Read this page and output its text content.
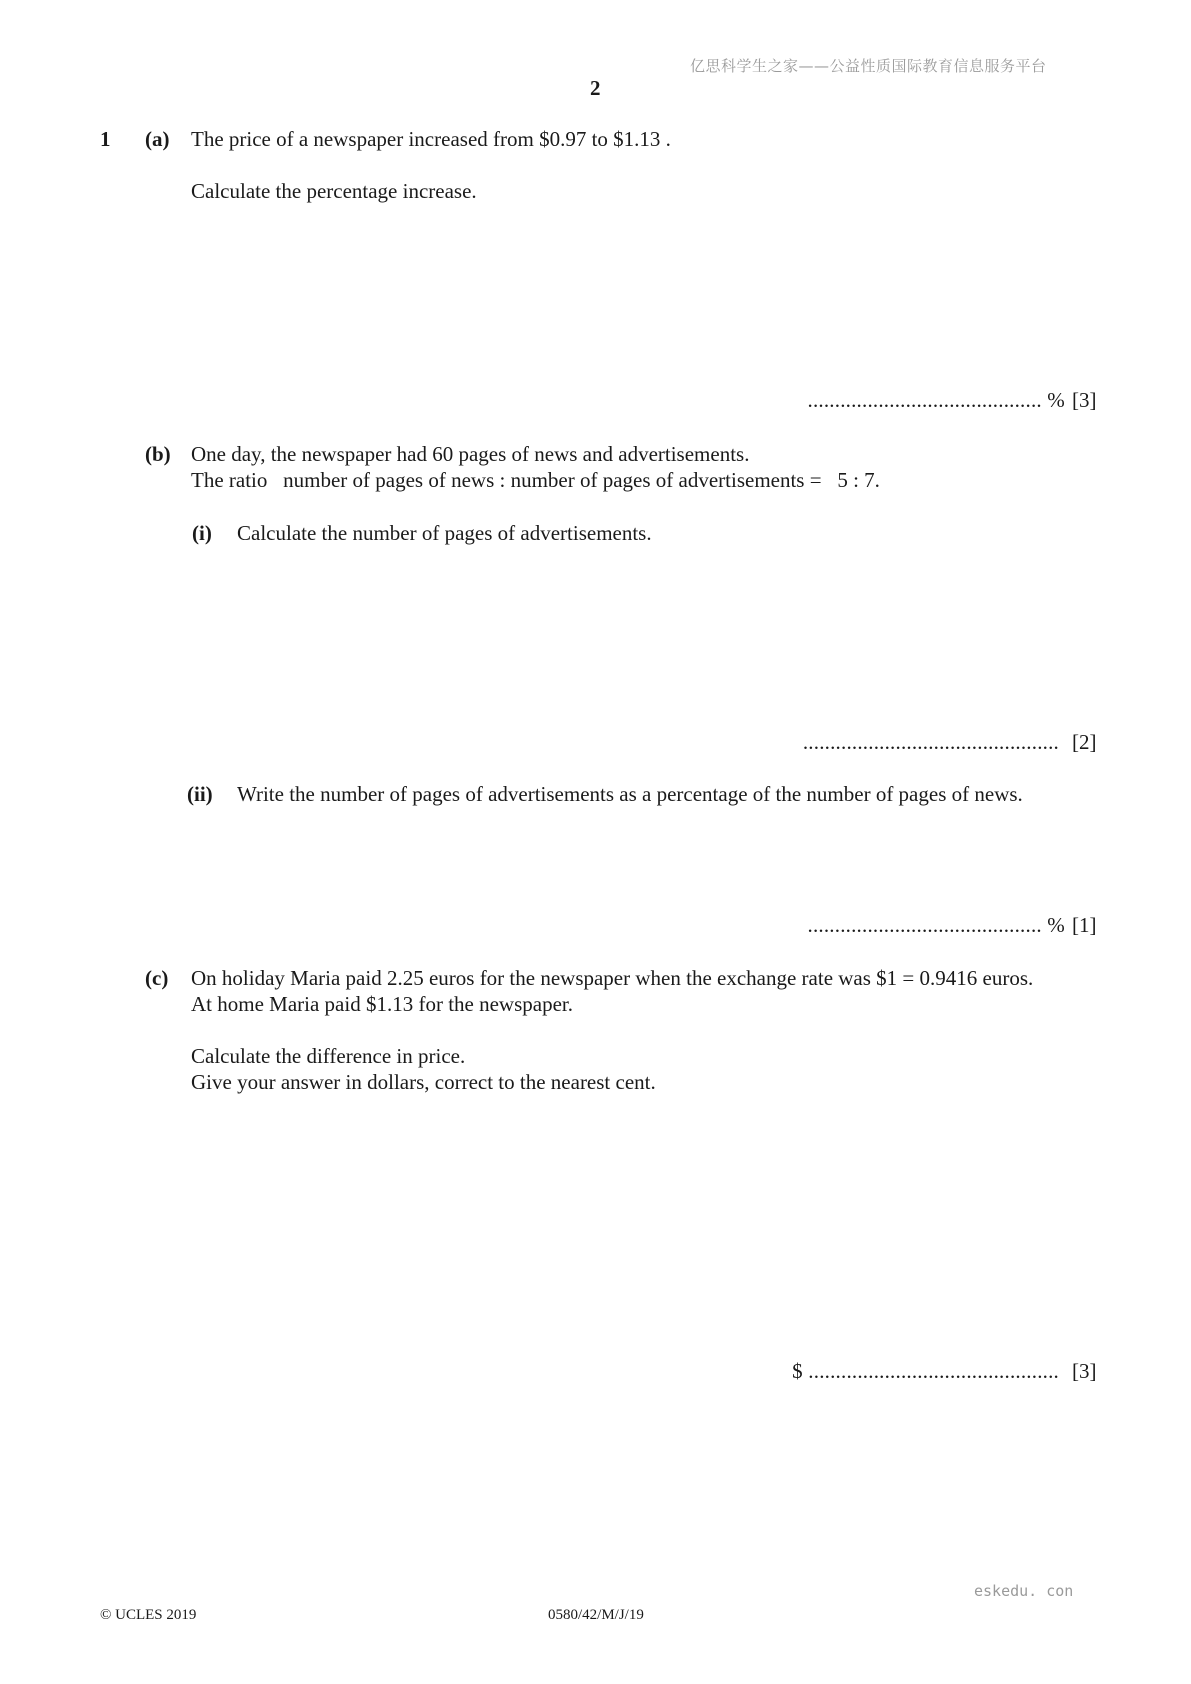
亿思科学生之家——公益性质国际教育信息服务平台
2
1 (a) The price of a newspaper increased from $0.97 to $1.13 .
Calculate the percentage increase.
........................................... % [3]
(b) One day, the newspaper had 60 pages of news and advertisements.
The ratio   number of pages of news : number of pages of advertisements =   5 : 7.
(i) Calculate the number of pages of advertisements.
............................................... [2]
(ii) Write the number of pages of advertisements as a percentage of the number of pages of news.
........................................... % [1]
(c) On holiday Maria paid 2.25 euros for the newspaper when the exchange rate was $1 = 0.9416 euros.
At home Maria paid $1.13 for the newspaper.
Calculate the difference in price.
Give your answer in dollars, correct to the nearest cent.
$ .............................................. [3]
eskedu. con
© UCLES 2019	0580/42/M/J/19
